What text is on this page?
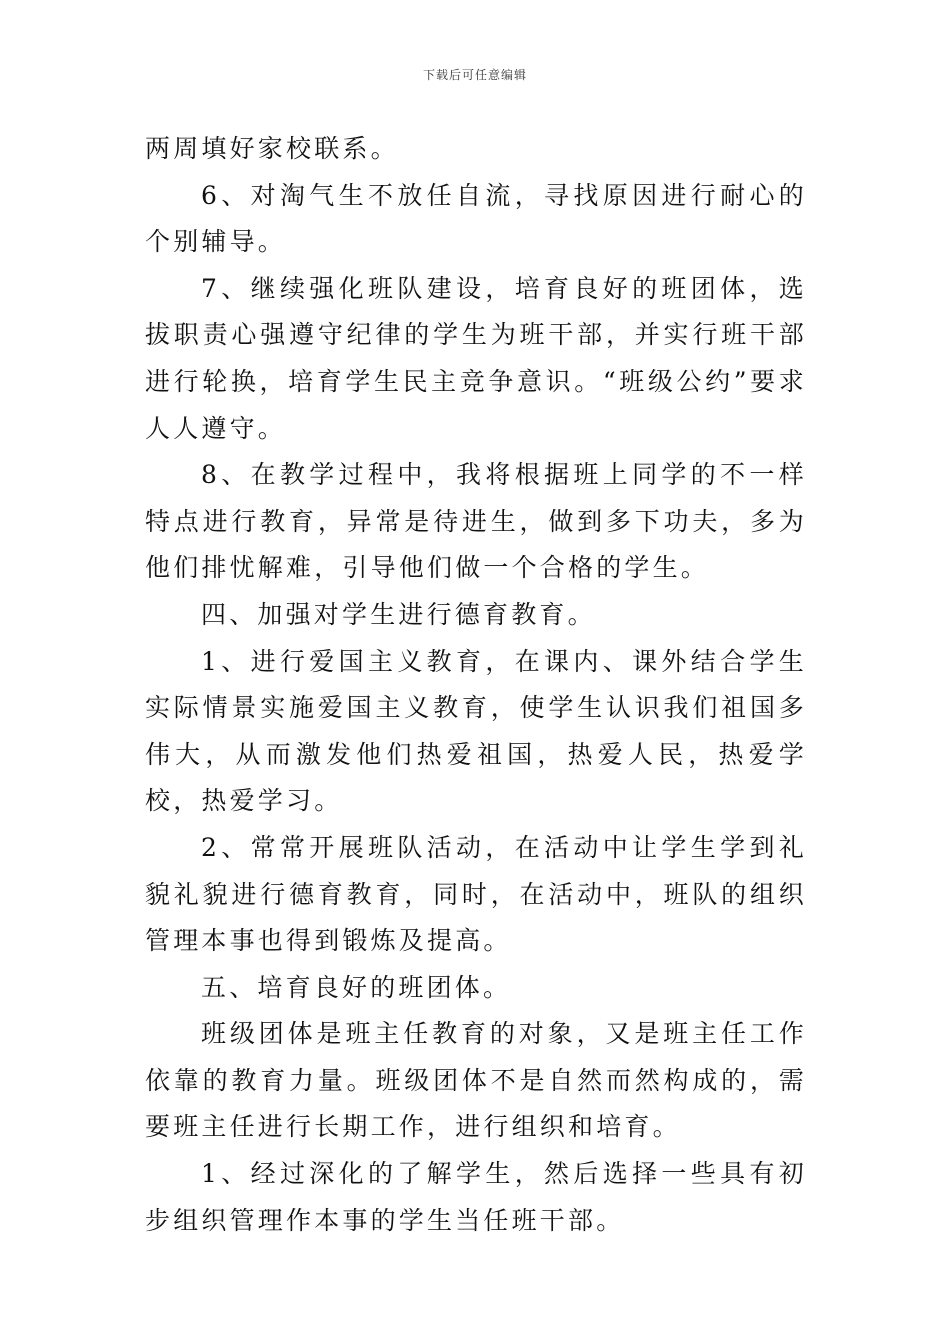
下载后可任意编辑

两周填好家校联系。

6、对淘气生不放任自流，寻找原因进行耐心的个别辅导。

7、继续强化班队建设，培育良好的班团体，选拔职责心强遵守纪律的学生为班干部，并实行班干部进行轮换，培育学生民主竞争意识。“班级公约”要求人人遵守。

8、在教学过程中，我将根据班上同学的不一样特点进行教育，异常是待进生，做到多下功夫，多为他们排忧解难，引导他们做一个合格的学生。

四、加强对学生进行德育教育。

1、进行爱国主义教育，在课内、课外结合学生实际情景实施爱国主义教育，使学生认识我们祖国多伟大，从而激发他们热爱祖国，热爱人民，热爱学校，热爱学习。

2、常常开展班队活动，在活动中让学生学到礼貌礼貌进行德育教育，同时，在活动中，班队的组织管理本事也得到锻炼及提高。

五、培育良好的班团体。

班级团体是班主任教育的对象，又是班主任工作依靠的教育力量。班级团体不是自然而然构成的，需要班主任进行长期工作，进行组织和培育。

1、经过深化的了解学生，然后选择一些具有初步组织管理作本事的学生当任班干部。
